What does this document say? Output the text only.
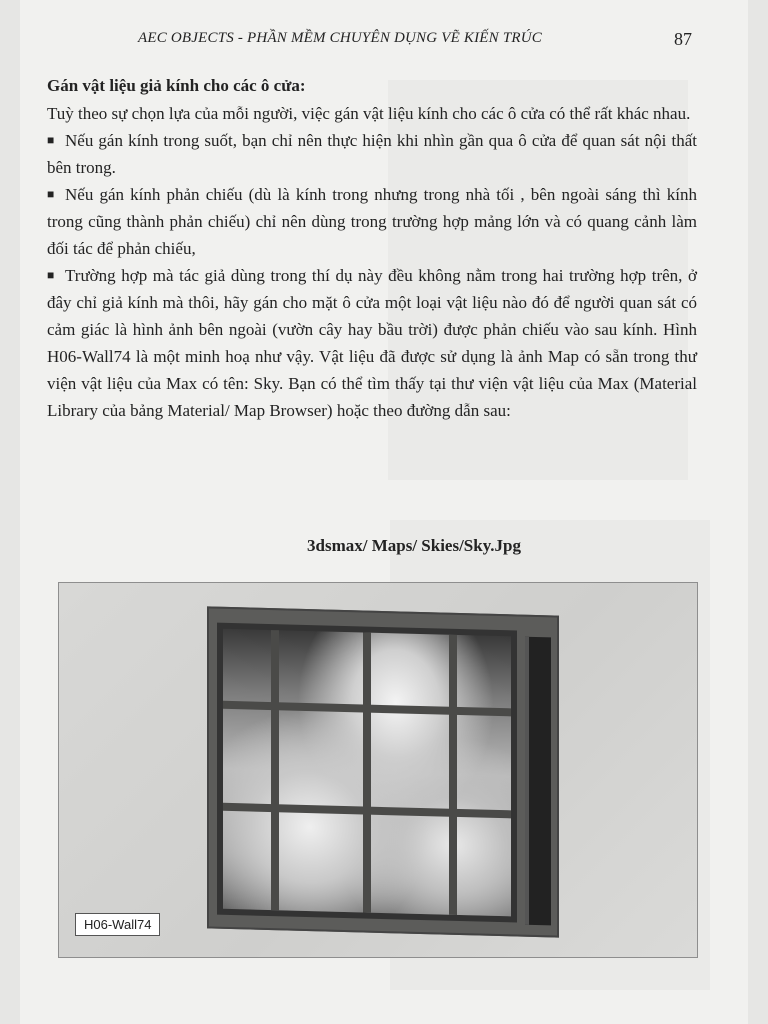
AEC OBJECTS - PHẦN MỀM CHUYÊN DỤNG VẼ KIẾN TRÚC	87
Gán vật liệu giả kính cho các ô cửa:

Tuỳ theo sự chọn lựa của mỗi người, việc gán vật liệu kính cho các ô cửa có thể rất khác nhau.

■ Nếu gán kính trong suốt, bạn chỉ nên thực hiện khi nhìn gần qua ô cửa để quan sát nội thất bên trong.

■ Nếu gán kính phản chiếu (dù là kính trong nhưng trong nhà tối , bên ngoài sáng thì kính trong cũng thành phản chiếu) chỉ nên dùng trong trường hợp mảng lớn và có quang cảnh làm đối tác để phản chiếu,

■ Trường hợp mà tác giả dùng trong thí dụ này đều không nằm trong hai trường hợp trên, ở đây chỉ giả kính mà thôi, hãy gán cho mặt ô cửa một loại vật liệu nào đó để người quan sát có cảm giác là hình ảnh bên ngoài (vườn cây hay bầu trời) được phản chiếu vào sau kính. Hình H06-Wall74 là một minh hoạ như vậy. Vật liệu đã được sử dụng là ảnh Map có sẵn trong thư viện vật liệu của Max có tên: Sky. Bạn có thể tìm thấy tại thư viện vật liệu của Max (Material Library của bảng Material/ Map Browser) hoặc theo đường dẫn sau:

3dsmax/ Maps/ Skies/Sky.Jpg
H06-Wall74
